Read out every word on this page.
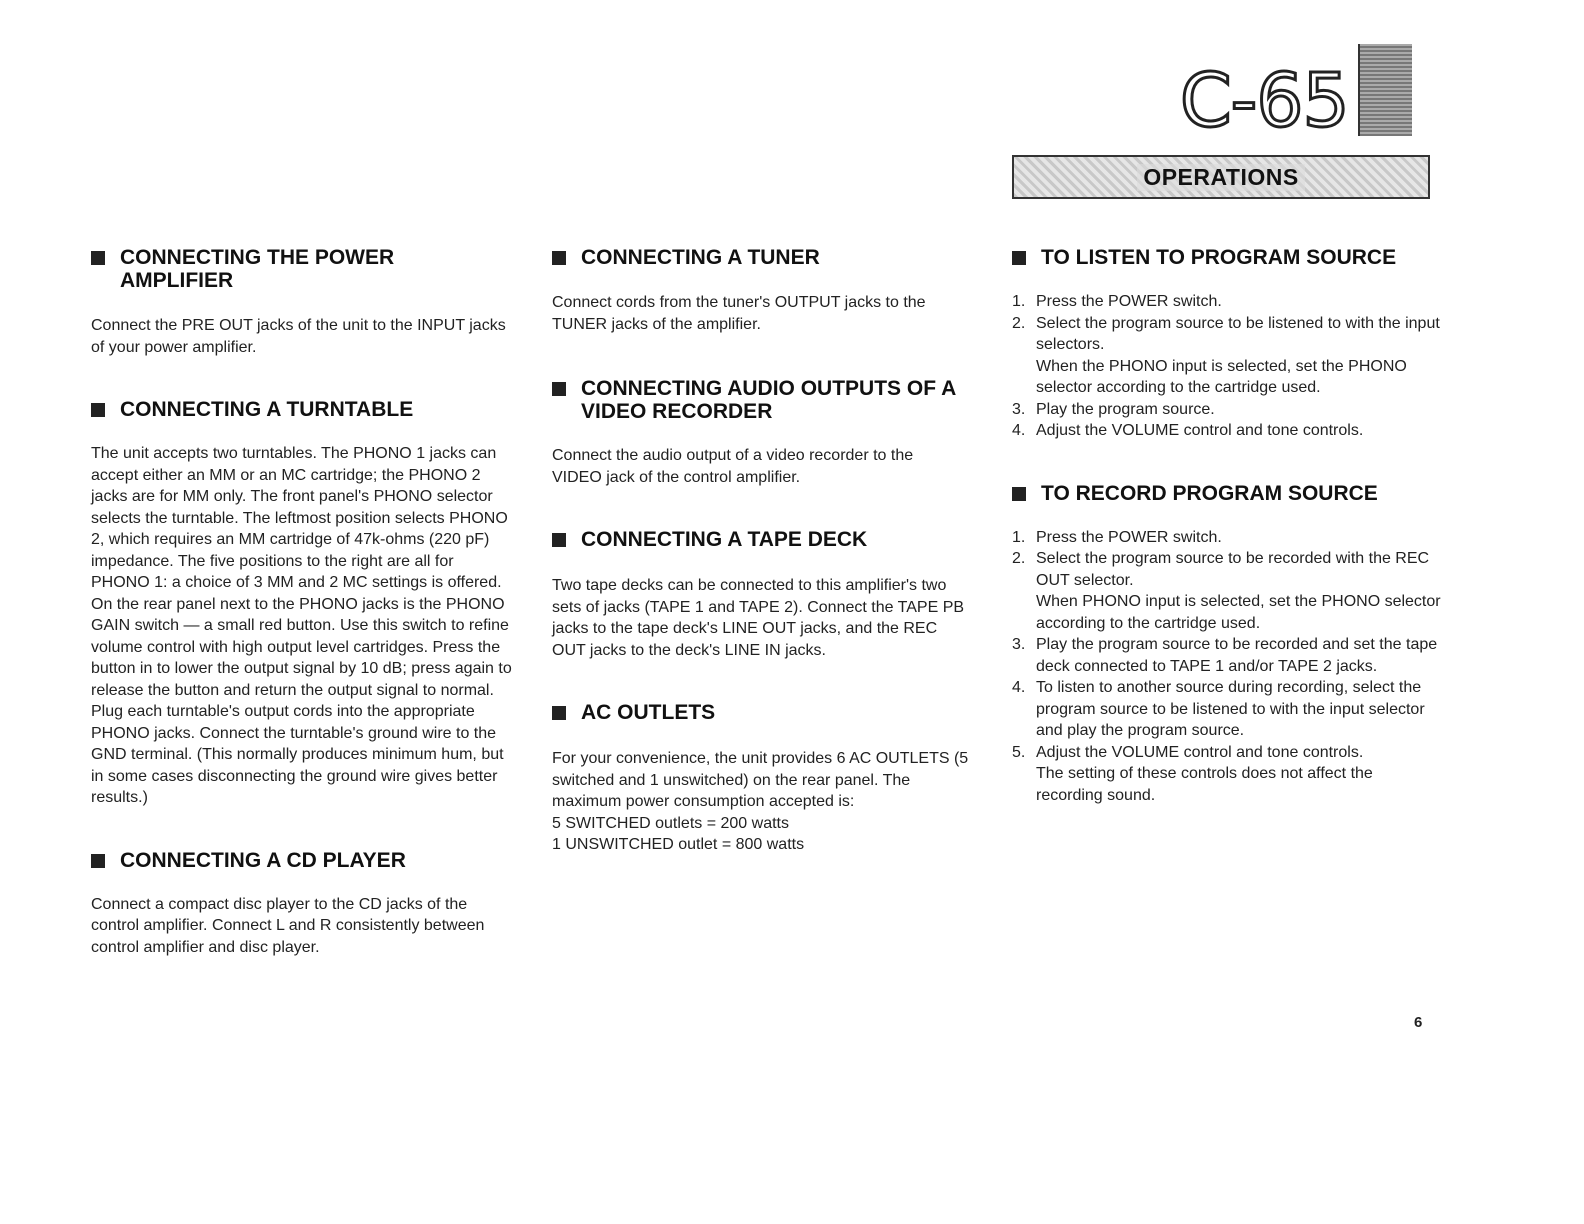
C-65
OPERATIONS
CONNECTING THE POWER AMPLIFIER

Connect the PRE OUT jacks of the unit to the INPUT jacks of your power amplifier.

CONNECTING A TURNTABLE

The unit accepts two turntables. The PHONO 1 jacks can accept either an MM or an MC cartridge; the PHONO 2 jacks are for MM only. The front panel's PHONO selector selects the turntable. The leftmost position selects PHONO 2, which requires an MM cartridge of 47k-ohms (220 pF) impedance. The five positions to the right are all for PHONO 1: a choice of 3 MM and 2 MC settings is offered.

On the rear panel next to the PHONO jacks is the PHONO GAIN switch — a small red button. Use this switch to refine volume control with high output level cartridges. Press the button in to lower the output signal by 10 dB; press again to release the button and return the output signal to normal.

Plug each turntable's output cords into the appropriate PHONO jacks. Connect the turntable's ground wire to the GND terminal. (This normally produces minimum hum, but in some cases disconnecting the ground wire gives better results.)

CONNECTING A CD PLAYER

Connect a compact disc player to the CD jacks of the control amplifier. Connect L and R consistently between control amplifier and disc player.

CONNECTING A TUNER

Connect cords from the tuner's OUTPUT jacks to the TUNER jacks of the amplifier.

CONNECTING AUDIO OUTPUTS OF A VIDEO RECORDER

Connect the audio output of a video recorder to the VIDEO jack of the control amplifier.

CONNECTING A TAPE DECK

Two tape decks can be connected to this amplifier's two sets of jacks (TAPE 1 and TAPE 2). Connect the TAPE PB jacks to the tape deck's LINE OUT jacks, and the REC OUT jacks to the deck's LINE IN jacks.

AC OUTLETS

For your convenience, the unit provides 6 AC OUTLETS (5 switched and 1 unswitched) on the rear panel. The maximum power consumption accepted is:

5 SWITCHED outlets = 200 watts

1 UNSWITCHED outlet = 800 watts

TO LISTEN TO PROGRAM SOURCE
1. Press the POWER switch.
2. Select the program source to be listened to with the input selectors.
When the PHONO input is selected, set the PHONO selector according to the cartridge used.
3. Play the program source.
4. Adjust the VOLUME control and tone controls.
TO RECORD PROGRAM SOURCE
1. Press the POWER switch.
2. Select the program source to be recorded with the REC OUT selector.
When PHONO input is selected, set the PHONO selector according to the cartridge used.
3. Play the program source to be recorded and set the tape deck connected to TAPE 1 and/or TAPE 2 jacks.
4. To listen to another source during recording, select the program source to be listened to with the input selector and play the program source.
5. Adjust the VOLUME control and tone controls.
The setting of these controls does not affect the recording sound.
6
